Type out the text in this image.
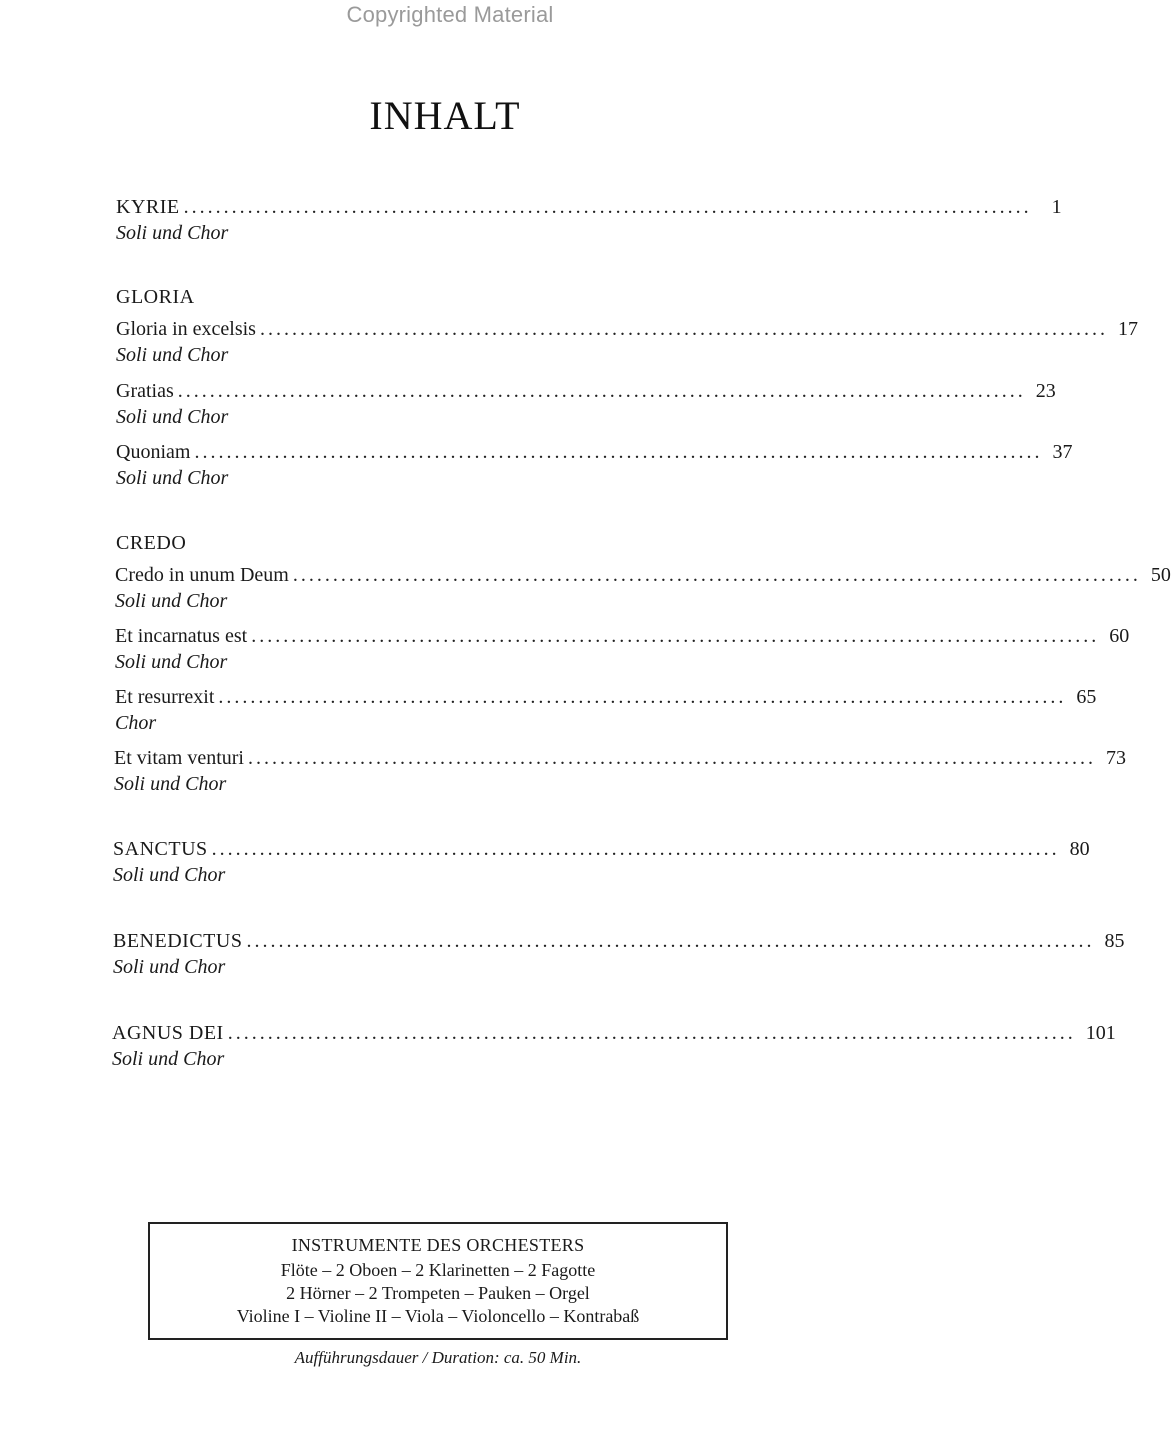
Copyrighted Material
INHALT
KYRIE ..........................................................................................................	1
Soli und Chor
GLORIA
Gloria in excelsis .......................................................................................................... 17
Soli und Chor
Gratias .......................................................................................................... 23
Soli und Chor
Quoniam .......................................................................................................... 37
Soli und Chor
CREDO
Credo in unum Deum .......................................................................................................... 50
Soli und Chor
Et incarnatus est .......................................................................................................... 60
Soli und Chor
Et resurrexit .......................................................................................................... 65
Chor
Et vitam venturi .......................................................................................................... 73
Soli und Chor
SANCTUS .......................................................................................................... 80
Soli und Chor
BENEDICTUS .......................................................................................................... 85
Soli und Chor
AGNUS DEI .......................................................................................................... 101
Soli und Chor
INSTRUMENTE DES ORCHESTERS
Flöte – 2 Oboen – 2 Klarinetten – 2 Fagotte
2 Hörner – 2 Trompeten – Pauken – Orgel
Violine I – Violine II – Viola – Violoncello – Kontrabaß
Aufführungsdauer / Duration: ca. 50 Min.
